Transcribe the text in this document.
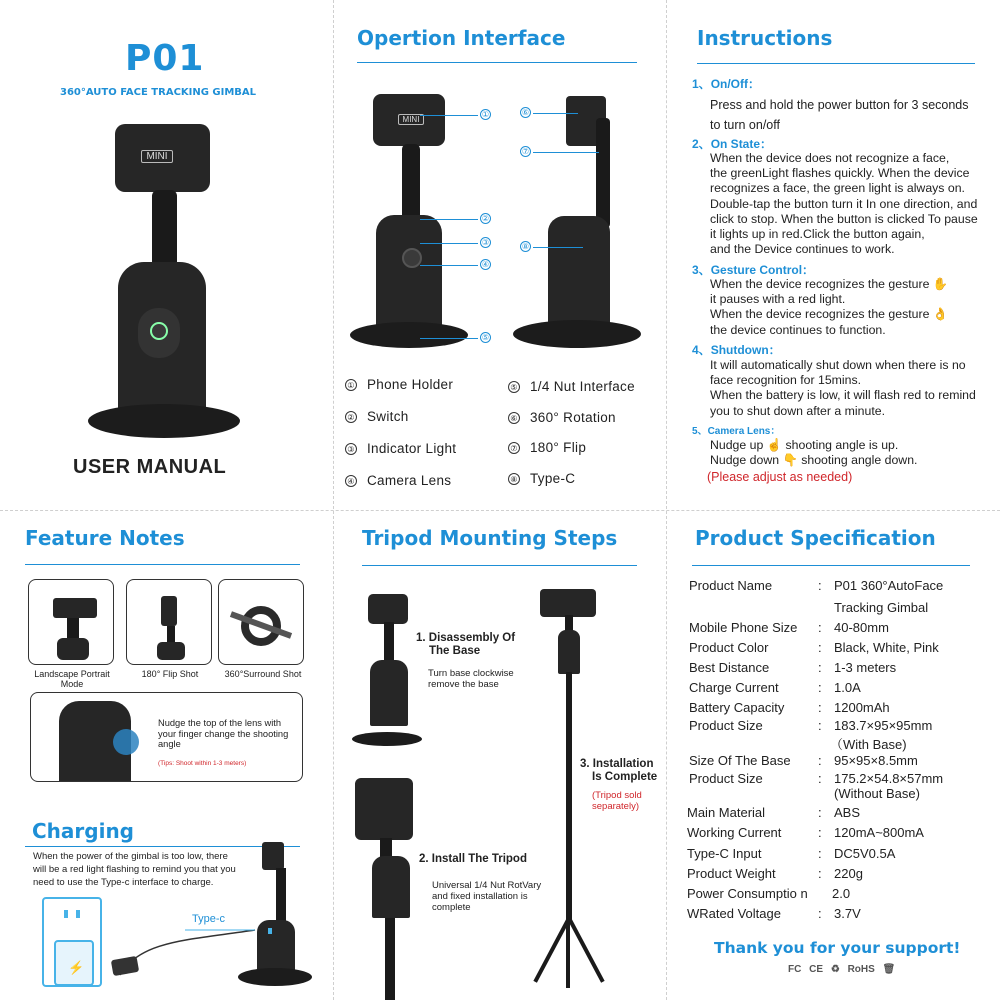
P01
360°AUTO FACE TRACKING GIMBAL
MINI
USER MANUAL
Opertion Interface
MINI
①
②
③
④
⑤
⑥
⑦
⑧
① Phone Holder
② Switch
③ Indicator Light
④ Camera Lens
⑤ 1/4 Nut Interface
⑥ 360° Rotation
⑦ 180° Flip
⑧ Type-C
Instructions
1、On/Off：
Press and hold the power button for 3 seconds
to turn on/off
2、On State：
When the device does not recognize a face,
the greenLight flashes quickly. When the device
recognizes a face, the green light is always on.
Double-tap the button turn it In one direction, and
click to stop. When the button is clicked To pause
it lights up in red.Click the button again,
and the Device continues to work.
3、Gesture Control：
When the device recognizes the gesture ✋
it pauses with a red light.
When the device recognizes the gesture 👌
the device continues to function.
4、Shutdown：
It will automatically shut down when there is no
face recognition for 15mins.
When the battery is low, it will flash red to remind
you to shut down after a minute.
5、Camera Lens：
Nudge up ☝ shooting angle is up.
Nudge down 👇 shooting angle down.
(Please adjust as needed)
Feature Notes
Landscape Portrait Mode
180° Flip Shot	360°Surround Shot
Nudge the top of the lens with
your finger change the shooting
angle
(Tips: Shoot within 1-3 meters)
Charging
When the power of the gimbal is too low, there
will be a red light flashing to remind you that you
need to use the Type-c interface to charge.
⚡
Type-c
Tripod Mounting Steps
1. Disassembly Of
The Base
Turn base clockwise
remove the base
2. Install The Tripod
Universal 1/4 Nut RotVary
and fixed installation is
complete
3. Installation
Is Complete
(Tripod sold
separately)
Product Specification
Product Name	: P01 360°AutoFace
Tracking Gimbal
Mobile Phone Size : 40-80mm
Product Color	: Black, White, Pink
Best Distance	: 1-3 meters
Charge Current	: 1.0A
Battery Capacity	: 1200mAh
Product Size	: 183.7×95×95mm
（With Base)
Size Of The Base : 95×95×8.5mm
Product Size	: 175.2×54.8×57mm
(Without Base)
Main Material	: ABS
Working Current	: 120mA~800mA
Type-C Input	: DC5V0.5A
Product Weight	: 220g
Power Consumptio n 2.0
WRated Voltage	: 3.7V
Thank you for your support!
FC CE ♻ RoHS 🗑
